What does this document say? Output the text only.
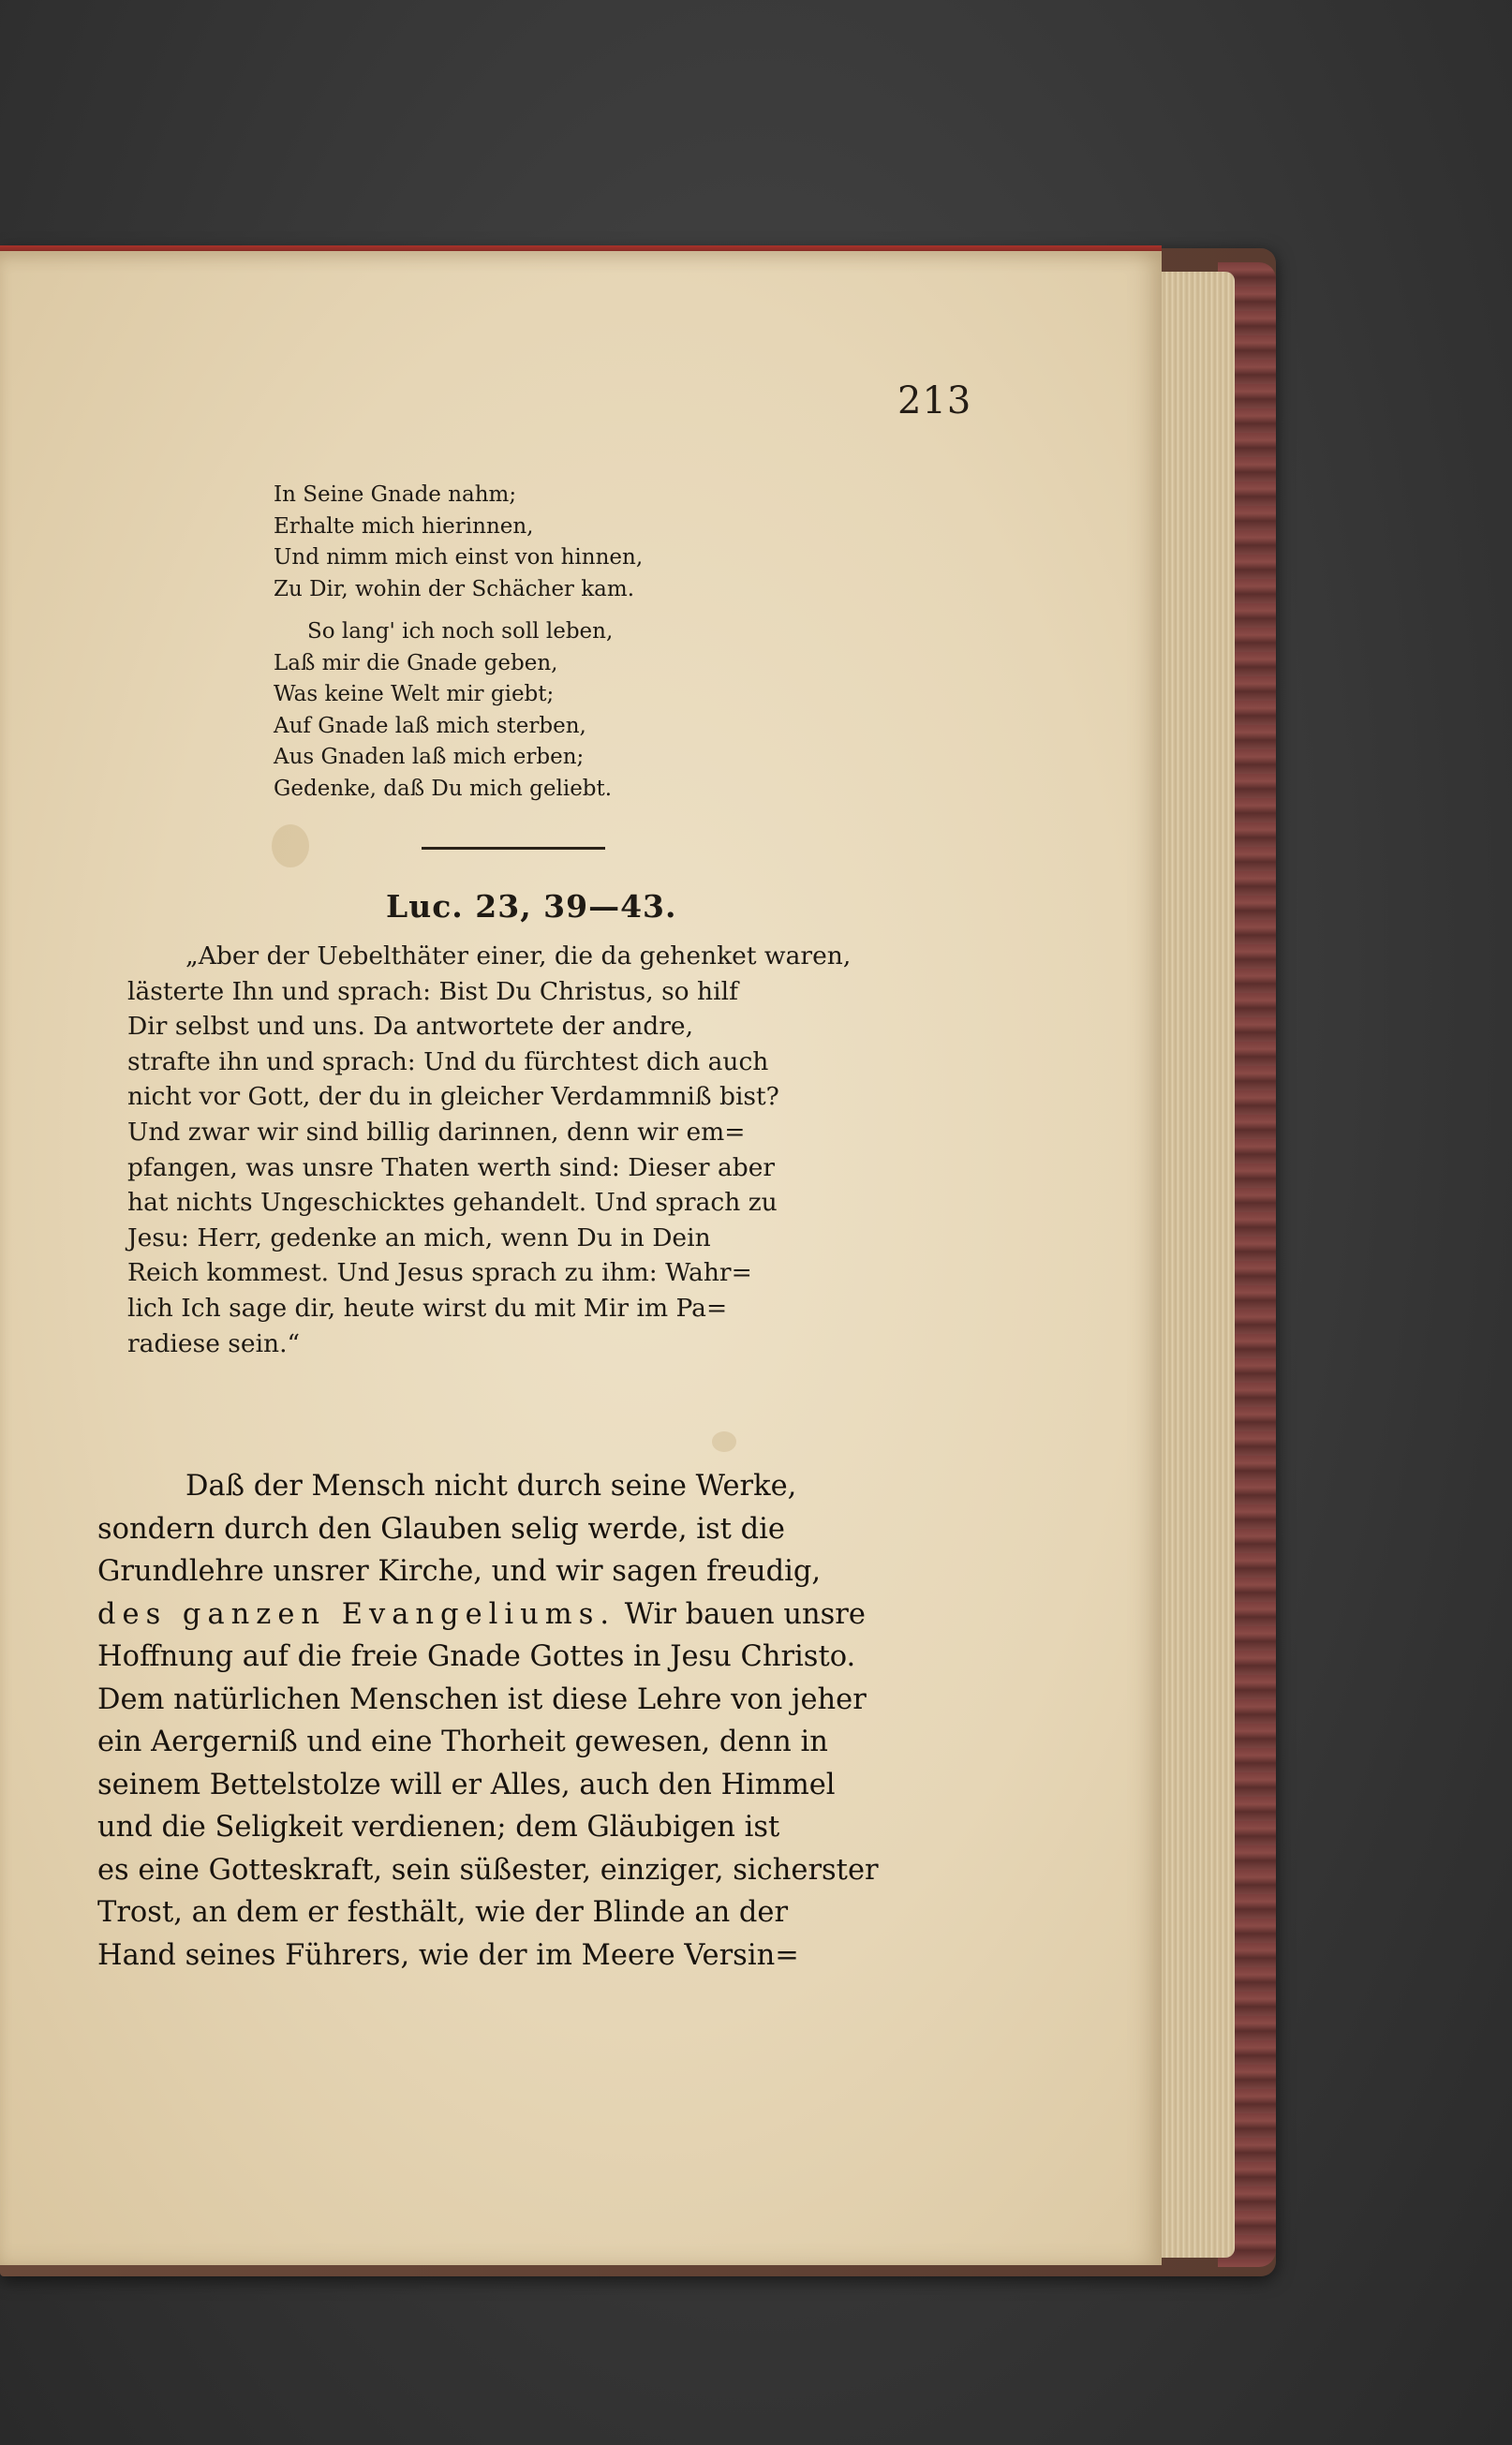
213
In Seine Gnade nahm;
Erhalte mich hierinnen,
Und nimm mich einst von hinnen,
Zu Dir, wohin der Schächer kam.
So lang' ich noch soll leben,
Laß mir die Gnade geben,
Was keine Welt mir giebt;
Auf Gnade laß mich sterben,
Aus Gnaden laß mich erben;
Gedenke, daß Du mich geliebt.
Luc. 23, 39—43.
„Aber der Uebelthäter einer, die da gehenket waren,
lästerte Ihn und sprach: Bist Du Christus, so hilf
Dir selbst und uns. Da antwortete der andre,
strafte ihn und sprach: Und du fürchtest dich auch
nicht vor Gott, der du in gleicher Verdammniß bist?
Und zwar wir sind billig darinnen, denn wir em=
pfangen, was unsre Thaten werth sind: Dieser aber
hat nichts Ungeschicktes gehandelt. Und sprach zu
Jesu: Herr, gedenke an mich, wenn Du in Dein
Reich kommest. Und Jesus sprach zu ihm: Wahr=
lich Ich sage dir, heute wirst du mit Mir im Pa=
radiese sein.“
Daß der Mensch nicht durch seine Werke,
sondern durch den Glauben selig werde, ist die
Grundlehre unsrer Kirche, und wir sagen freudig,
des ganzen Evangeliums. Wir bauen unsre
Hoffnung auf die freie Gnade Gottes in Jesu Christo.
Dem natürlichen Menschen ist diese Lehre von jeher
ein Aergerniß und eine Thorheit gewesen, denn in
seinem Bettelstolze will er Alles, auch den Himmel
und die Seligkeit verdienen; dem Gläubigen ist
es eine Gotteskraft, sein süßester, einziger, sicherster
Trost, an dem er festhält, wie der Blinde an der
Hand seines Führers, wie der im Meere Versin=
